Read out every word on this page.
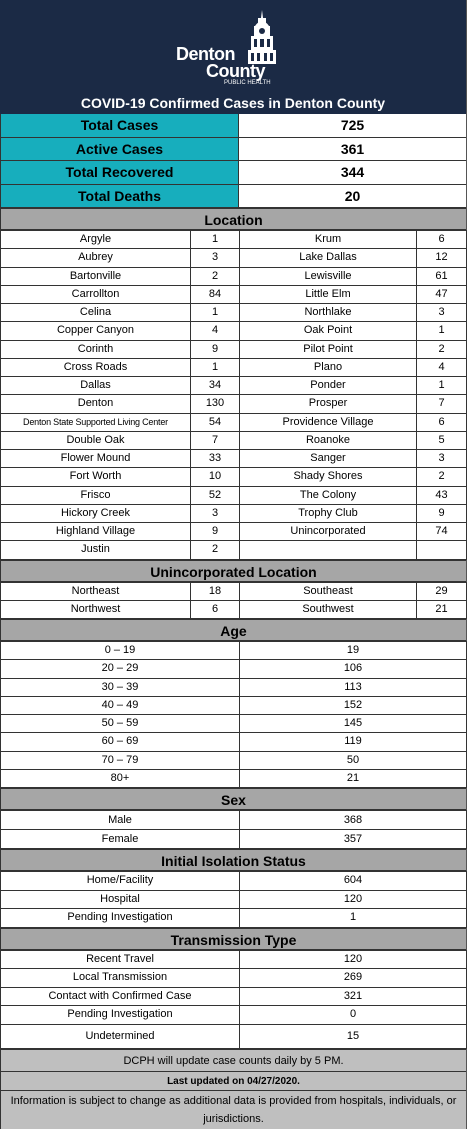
Denton
County
PUBLIC HEALTH
COVID-19 Confirmed Cases in Denton County
Total Cases	725
Active Cases	361
Total Recovered	344
Total Deaths	20
Location
Argyle	1	Krum	6
Aubrey	3	Lake Dallas	12
Bartonville	2	Lewisville	61
Carrollton	84	Little Elm	47
Celina	1	Northlake	3
Copper Canyon	4	Oak Point	1
Corinth	9	Pilot Point	2
Cross Roads	1	Plano	4
Dallas	34	Ponder	1
Denton	130	Prosper	7
Denton State Supported Living Center	54	Providence Village	6
Double Oak	7	Roanoke	5
Flower Mound	33	Sanger	3
Fort Worth	10	Shady Shores	2
Frisco	52	The Colony	43
Hickory Creek	3	Trophy Club	9
Highland Village	9	Unincorporated	74
Justin	2		
Unincorporated Location
Northeast	18	Southeast	29
Northwest	6	Southwest	21
Age
0 – 19	19
20 – 29	106
30 – 39	113
40 – 49	152
50 – 59	145
60 – 69	119
70 – 79	50
80+	21
Sex
Male	368
Female	357
Initial Isolation Status
Home/Facility	604
Hospital	120
Pending Investigation	1
Transmission Type
Recent Travel	120
Local Transmission	269
Contact with Confirmed Case	321
Pending Investigation	0
Undetermined	15
DCPH will update case counts daily by 5 PM.
Last updated on 04/27/2020.
Information is subject to change as additional data is provided from hospitals, individuals, or jurisdictions.
